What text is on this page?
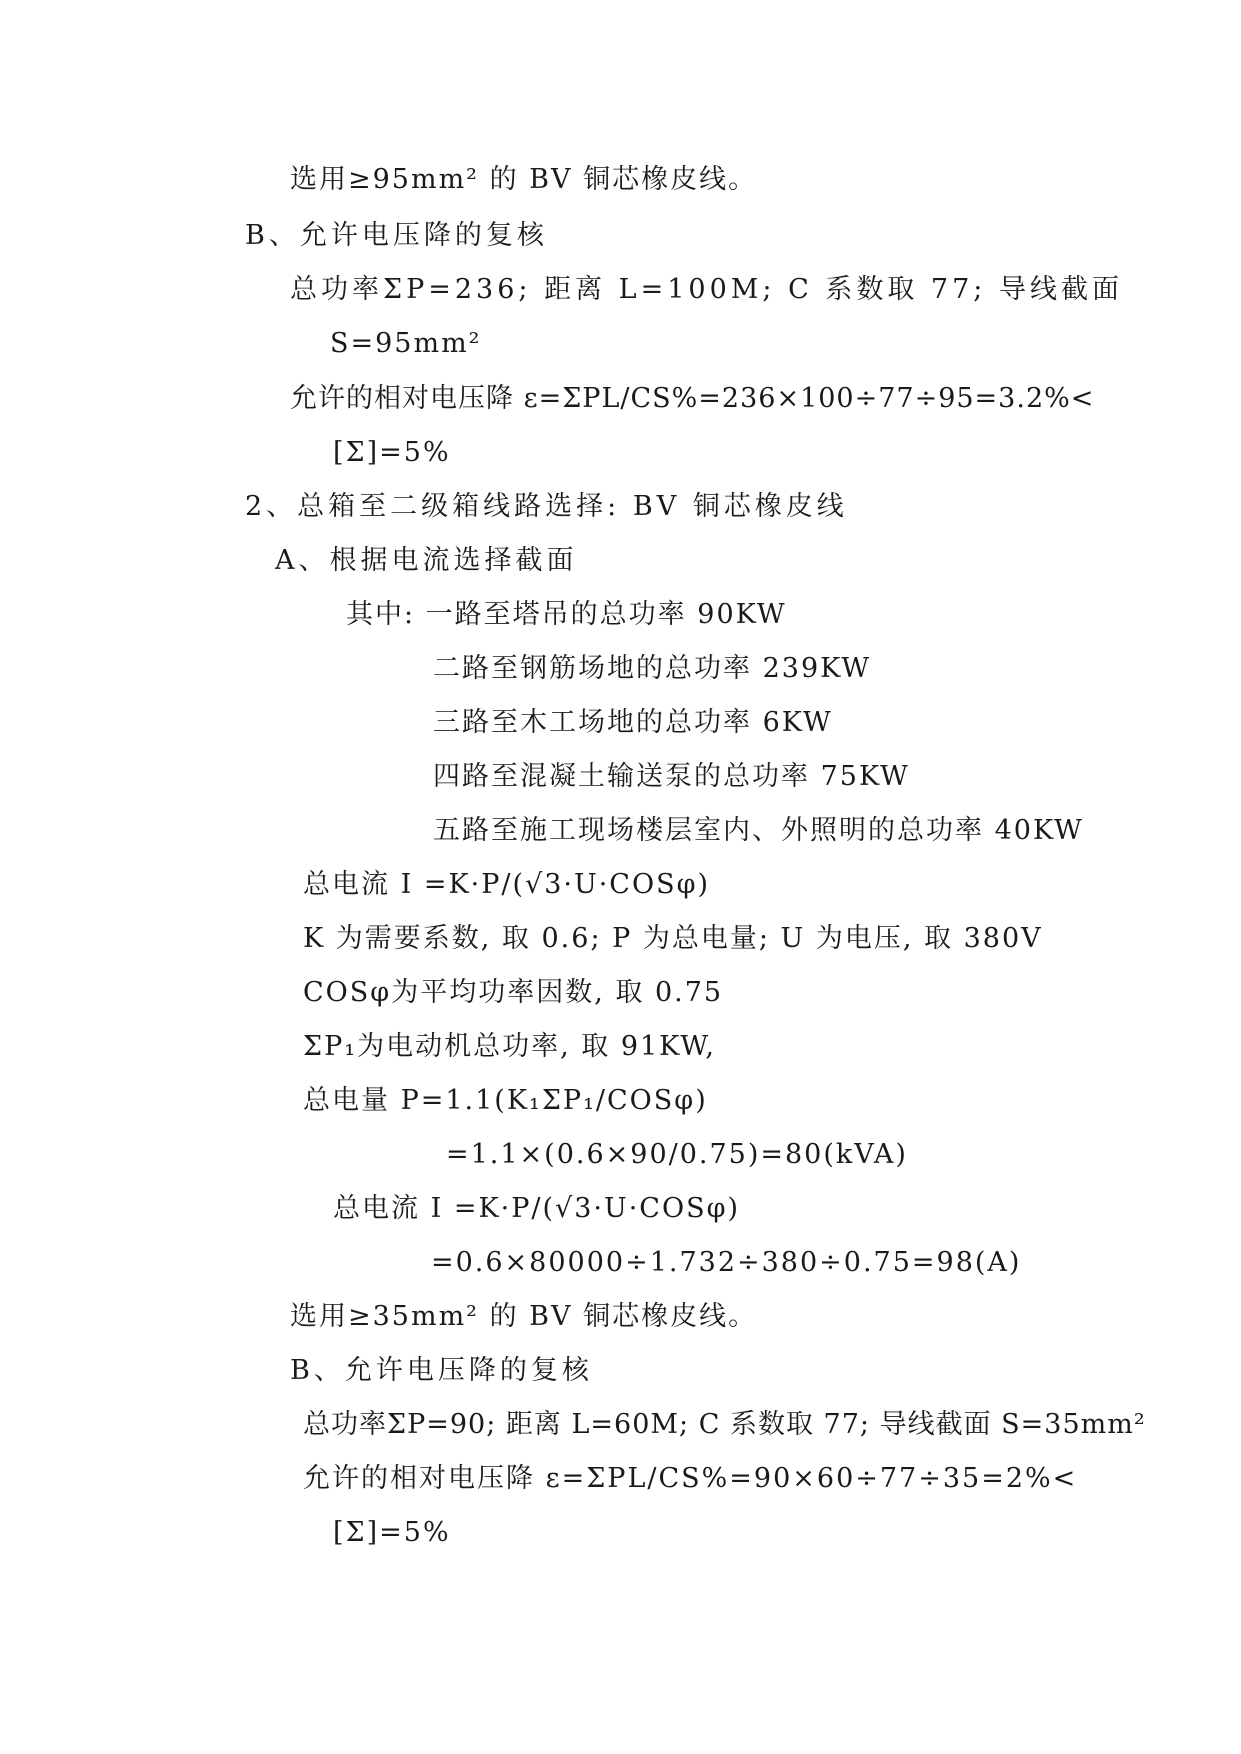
选用≥95mm² 的 BV 铜芯橡皮线。
B、允许电压降的复核
总功率ΣP=236; 距离 L=100M; C 系数取 77; 导线截面
S=95mm²
允许的相对电压降 ε=ΣPL/CS%=236×100÷77÷95=3.2%<
[Σ]=5%
2、总箱至二级箱线路选择: BV 铜芯橡皮线
A、根据电流选择截面
其中: 一路至塔吊的总功率 90KW
二路至钢筋场地的总功率 239KW
三路至木工场地的总功率 6KW
四路至混凝土输送泵的总功率 75KW
五路至施工现场楼层室内、外照明的总功率 40KW
总电流 I =K·P/(√3·U·COSφ)
K 为需要系数, 取 0.6; P 为总电量; U 为电压, 取 380V
COSφ为平均功率因数, 取 0.75
ΣP₁为电动机总功率, 取 91KW,
总电量 P=1.1(K₁ΣP₁/COSφ)
=1.1×(0.6×90/0.75)=80(kVA)
总电流 I =K·P/(√3·U·COSφ)
=0.6×80000÷1.732÷380÷0.75=98(A)
选用≥35mm² 的 BV 铜芯橡皮线。
B、允许电压降的复核
总功率ΣP=90; 距离 L=60M; C 系数取 77; 导线截面 S=35mm²
允许的相对电压降 ε=ΣPL/CS%=90×60÷77÷35=2%<
[Σ]=5%
